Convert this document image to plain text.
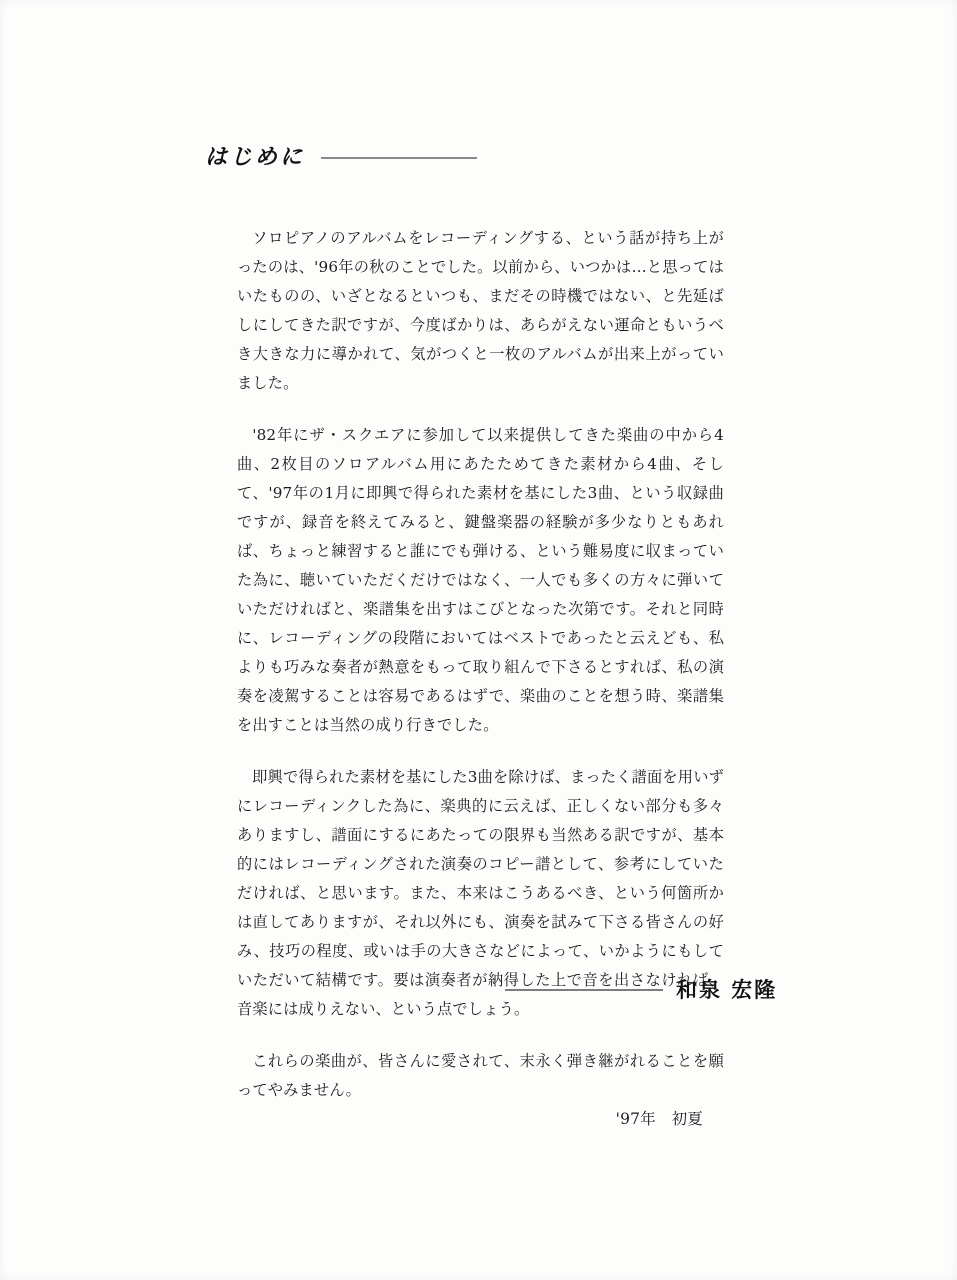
はじめに

ソロピアノのアルバムをレコーディングする、という話が持ち上がったのは、'96年の秋のことでした。以前から、いつかは…と思ってはいたものの、いざとなるといつも、まだその時機ではない、と先延ばしにしてきた訳ですが、今度ばかりは、あらがえない運命ともいうべき大きな力に導かれて、気がつくと一枚のアルバムが出来上がっていました。

'82年にザ・スクエアに参加して以来提供してきた楽曲の中から4曲、2枚目のソロアルバム用にあたためてきた素材から4曲、そして、'97年の1月に即興で得られた素材を基にした3曲、という収録曲ですが、録音を終えてみると、鍵盤楽器の経験が多少なりともあれば、ちょっと練習すると誰にでも弾ける、という難易度に収まっていた為に、聴いていただくだけではなく、一人でも多くの方々に弾いていただければと、楽譜集を出すはこびとなった次第です。それと同時に、レコーディングの段階においてはベストであったと云えども、私よりも巧みな奏者が熱意をもって取り組んで下さるとすれば、私の演奏を凌駕することは容易であるはずで、楽曲のことを想う時、楽譜集を出すことは当然の成り行きでした。

即興で得られた素材を基にした3曲を除けば、まったく譜面を用いずにレコーディンクした為に、楽典的に云えば、正しくない部分も多々ありますし、譜面にするにあたっての限界も当然ある訳ですが、基本的にはレコーディングされた演奏のコピー譜として、参考にしていただければ、と思います。また、本来はこうあるべき、という何箇所かは直してありますが、それ以外にも、演奏を試みて下さる皆さんの好み、技巧の程度、或いは手の大きさなどによって、いかようにもしていただいて結構です。要は演奏者が納得した上で音を出さなければ、音楽には成りえない、という点でしょう。

これらの楽曲が、皆さんに愛されて、末永く弾き継がれることを願ってやみません。

'97年　初夏
和泉 宏隆
